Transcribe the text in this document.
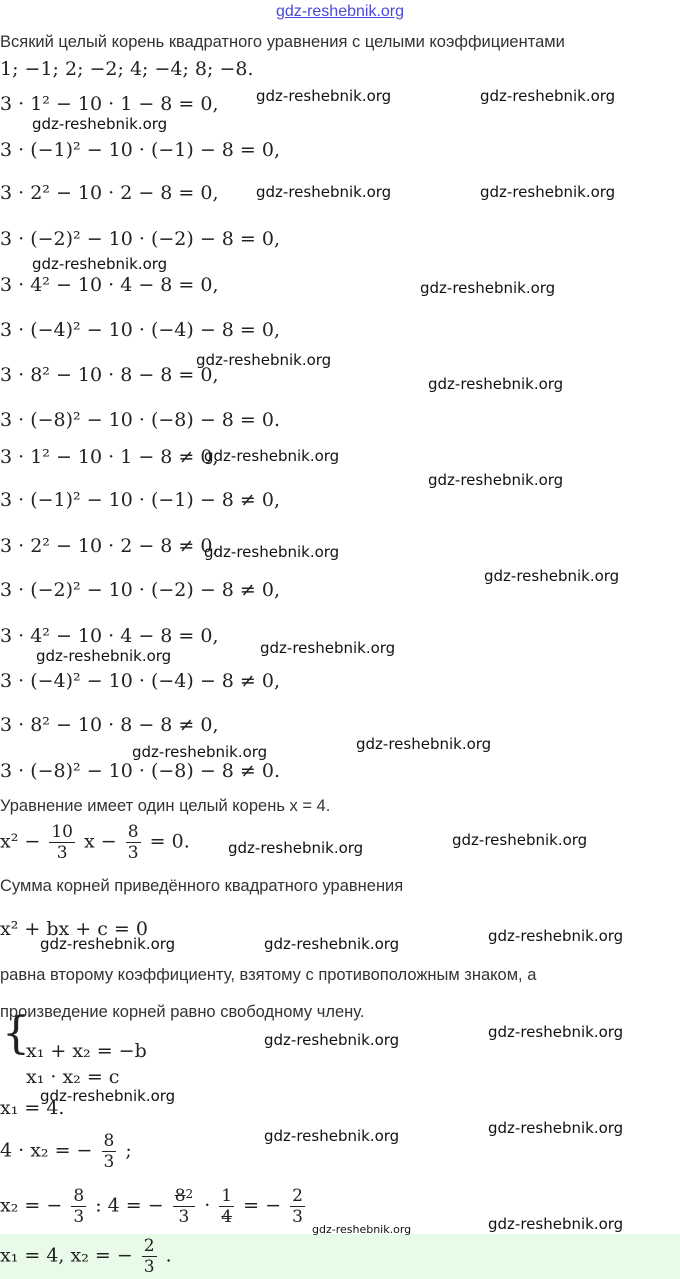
gdz-reshebnik.org
Всякий целый корень квадратного уравнения с целыми коэффициентами
1; −1; 2; −2; 4; −4; 8; −8.
3 · 1² − 10 · 1 − 8 = 0,
3 · (−1)² − 10 · (−1) − 8 = 0,
3 · 2² − 10 · 2 − 8 = 0,
3 · (−2)² − 10 · (−2) − 8 = 0,
3 · 4² − 10 · 4 − 8 = 0,
3 · (−4)² − 10 · (−4) − 8 = 0,
3 · 8² − 10 · 8 − 8 = 0,
3 · (−8)² − 10 · (−8) − 8 = 0.
3 · 1² − 10 · 1 − 8 ≠ 0,
3 · (−1)² − 10 · (−1) − 8 ≠ 0,
3 · 2² − 10 · 2 − 8 ≠ 0,
3 · (−2)² − 10 · (−2) − 8 ≠ 0,
3 · 4² − 10 · 4 − 8 = 0,
3 · (−4)² − 10 · (−4) − 8 ≠ 0,
3 · 8² − 10 · 8 − 8 ≠ 0,
3 · (−8)² − 10 · (−8) − 8 ≠ 0.
Уравнение имеет один целый корень x = 4.
$x^2 - \frac{10}{3}$ $x - \frac{8}{3} = 0$.
Сумма корней приведённого квадратного уравнения
x² + bx + c = 0
равна второму коэффициенту, взятому с противоположным знаком, а
произведение корней равно свободному члену.
{
x₁ + x₂ = −b
x₁ · x₂ = c
x₁ = 4.
4 · x₂ = − $\frac{8}{3}$ ;
x₂ = − $\frac{8}{3}$ : 4 = − $\frac{8^2}{3} \cdot \frac{1}{4}$ = − $\frac{2}{3}$
x₁ = 4, x₂ = − $\frac{2}{3}$ .
gdz-reshebnik.org	gdz-reshebnik.org
gdz-reshebnik.org
gdz-reshebnik.org	gdz-reshebnik.org
gdz-reshebnik.org
gdz-reshebnik.org
gdz-reshebnik.org
gdz-reshebnik.org
gdz-reshebnik.org
gdz-reshebnik.org
gdz-reshebnik.org
gdz-reshebnik.org
gdz-reshebnik.org
gdz-reshebnik.org
gdz-reshebnik.org	gdz-reshebnik.org
gdz-reshebnik.org	gdz-reshebnik.org
gdz-reshebnik.org	gdz-reshebnik.org	gdz-reshebnik.org
gdz-reshebnik.org	gdz-reshebnik.org
gdz-reshebnik.org
gdz-reshebnik.org	gdz-reshebnik.org
gdz-reshebnik.org	gdz-reshebnik.org
